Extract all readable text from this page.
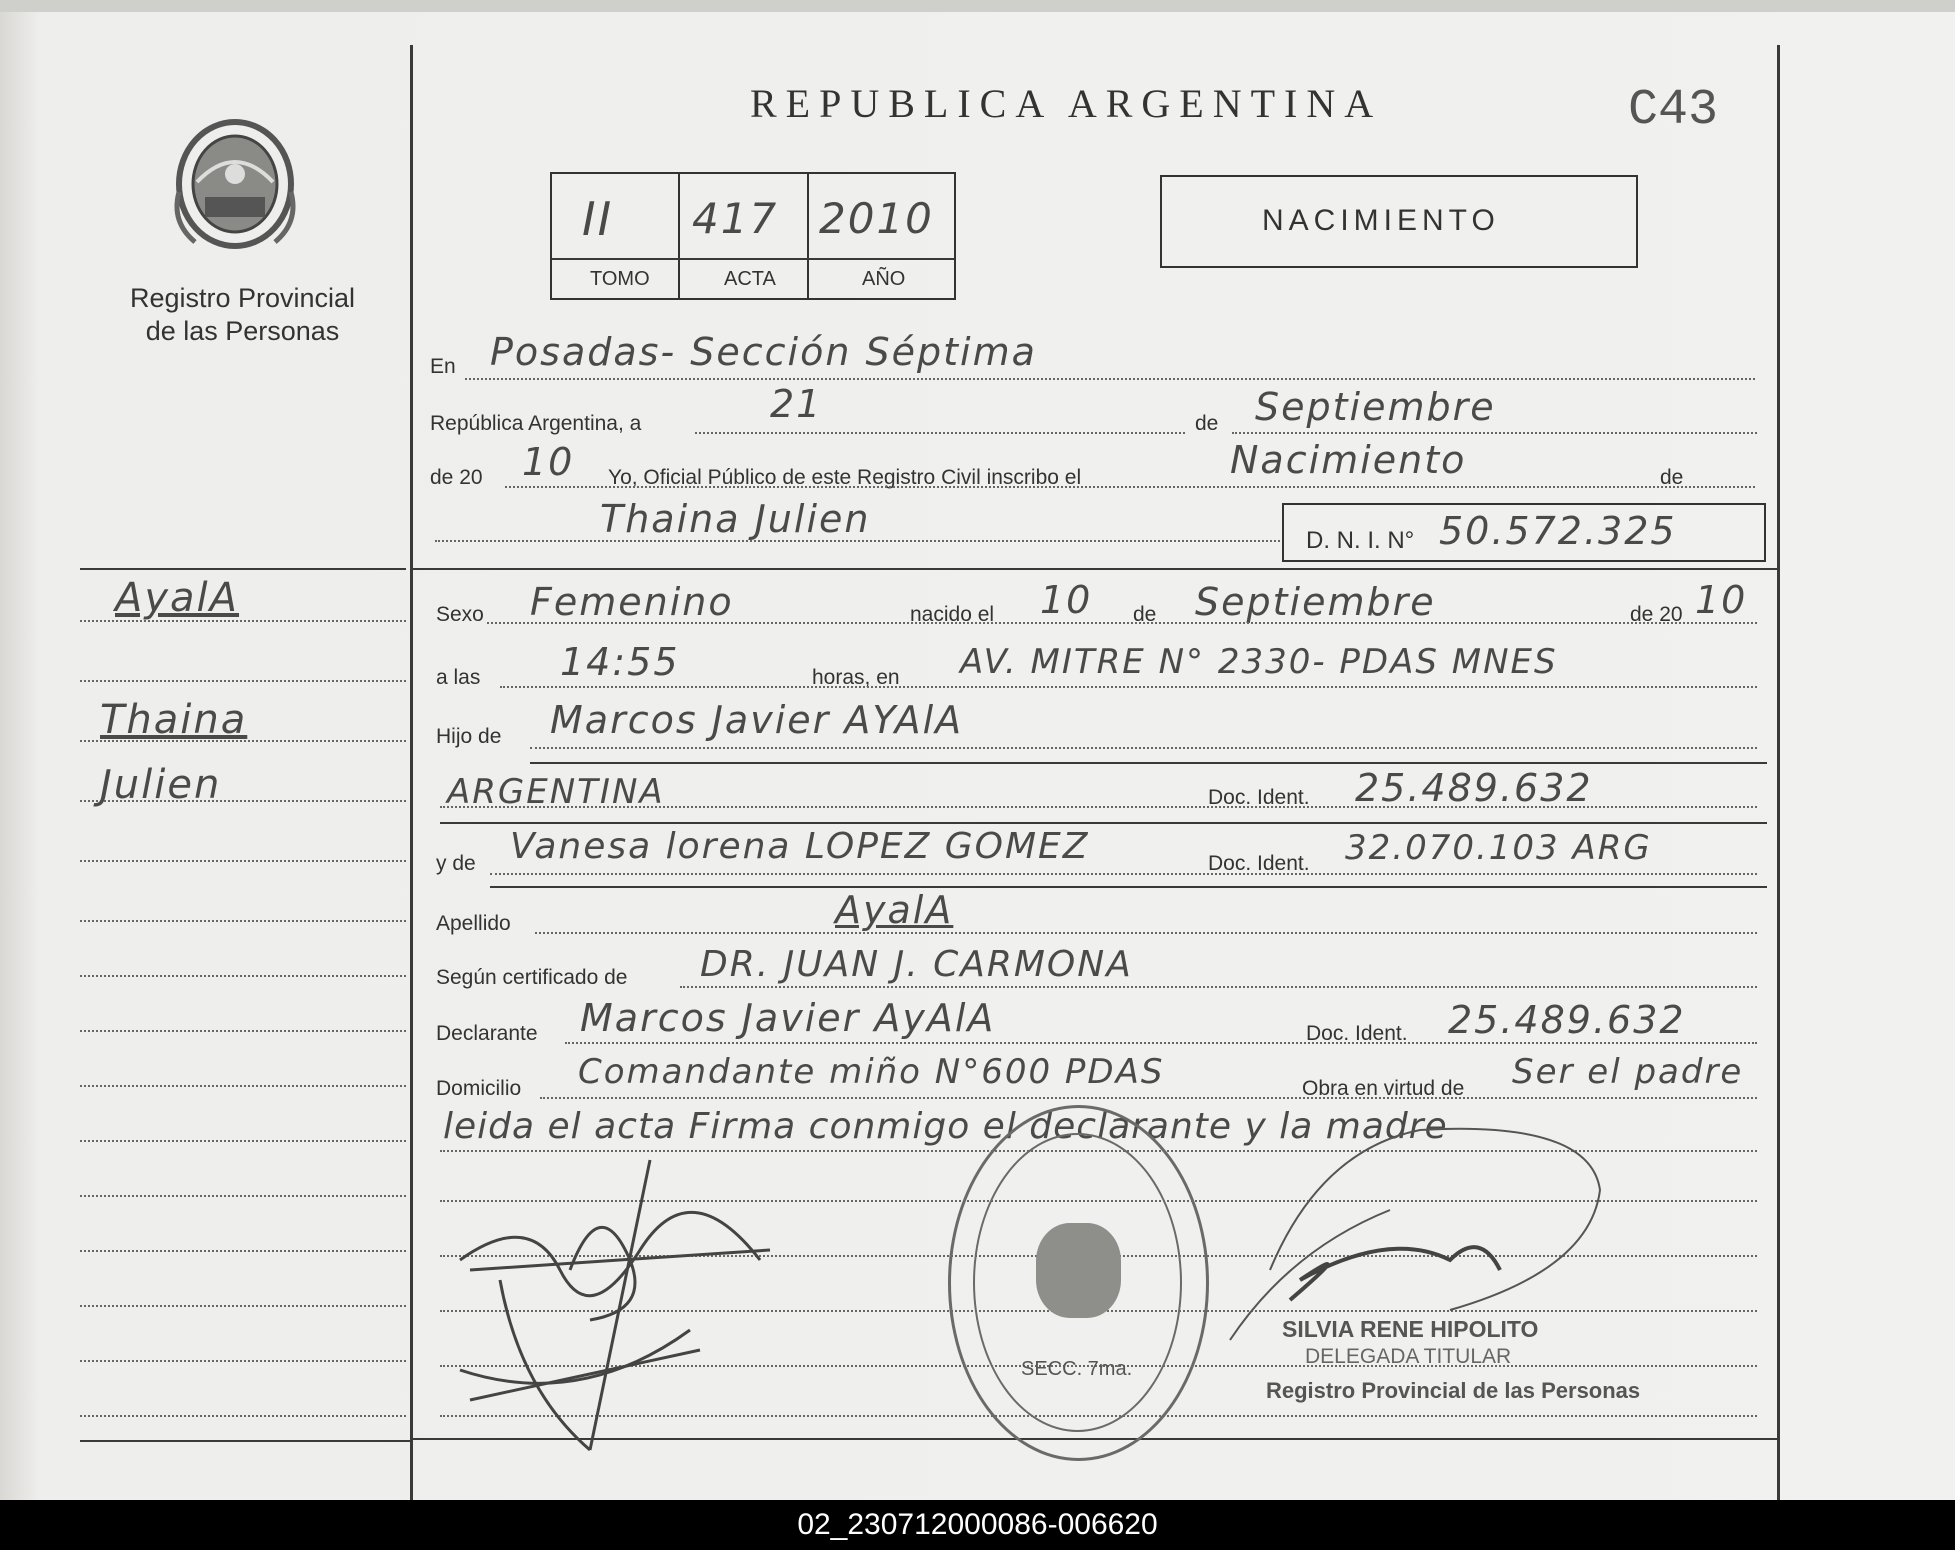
Registro Provincial
de las Personas
REPUBLICA ARGENTINA	C43
II 417 2010
TOMO	ACTA	AÑO
NACIMIENTO
AyalA
Thaina
Julien
En Posadas- Sección Séptima
República Argentina, a	21	de Septiembre
de 20 10 Yo, Oficial Público de este Registro Civil inscribo el	Nacimiento	de
Thaina Julien	D. N. I. N° 50.572.325
Sexo Femenino	nacido el 10 de Septiembre	de 20 10
a las 14:55	horas, en AV. MITRE N° 2330- PDAS MNES
Hijo de Marcos Javier AYAlA
ARGENTINA	Doc. Ident. 25.489.632
y de Vanesa lorena LOPEZ GOMEZ	Doc. Ident. 32.070.103 ARG
Apellido	AyalA
Según certificado de DR. JUAN J. CARMONA
Declarante Marcos Javier AyAlA	Doc. Ident. 25.489.632
Domicilio Comandante miño N°600 PDAS	Obra en virtud de Ser el padre
leida el acta Firma conmigo el declarante y la madre
SECC. 7ma.
SILVIA RENE HIPOLITO
DELEGADA TITULAR
Registro Provincial de las Personas
02_230712000086-006620
